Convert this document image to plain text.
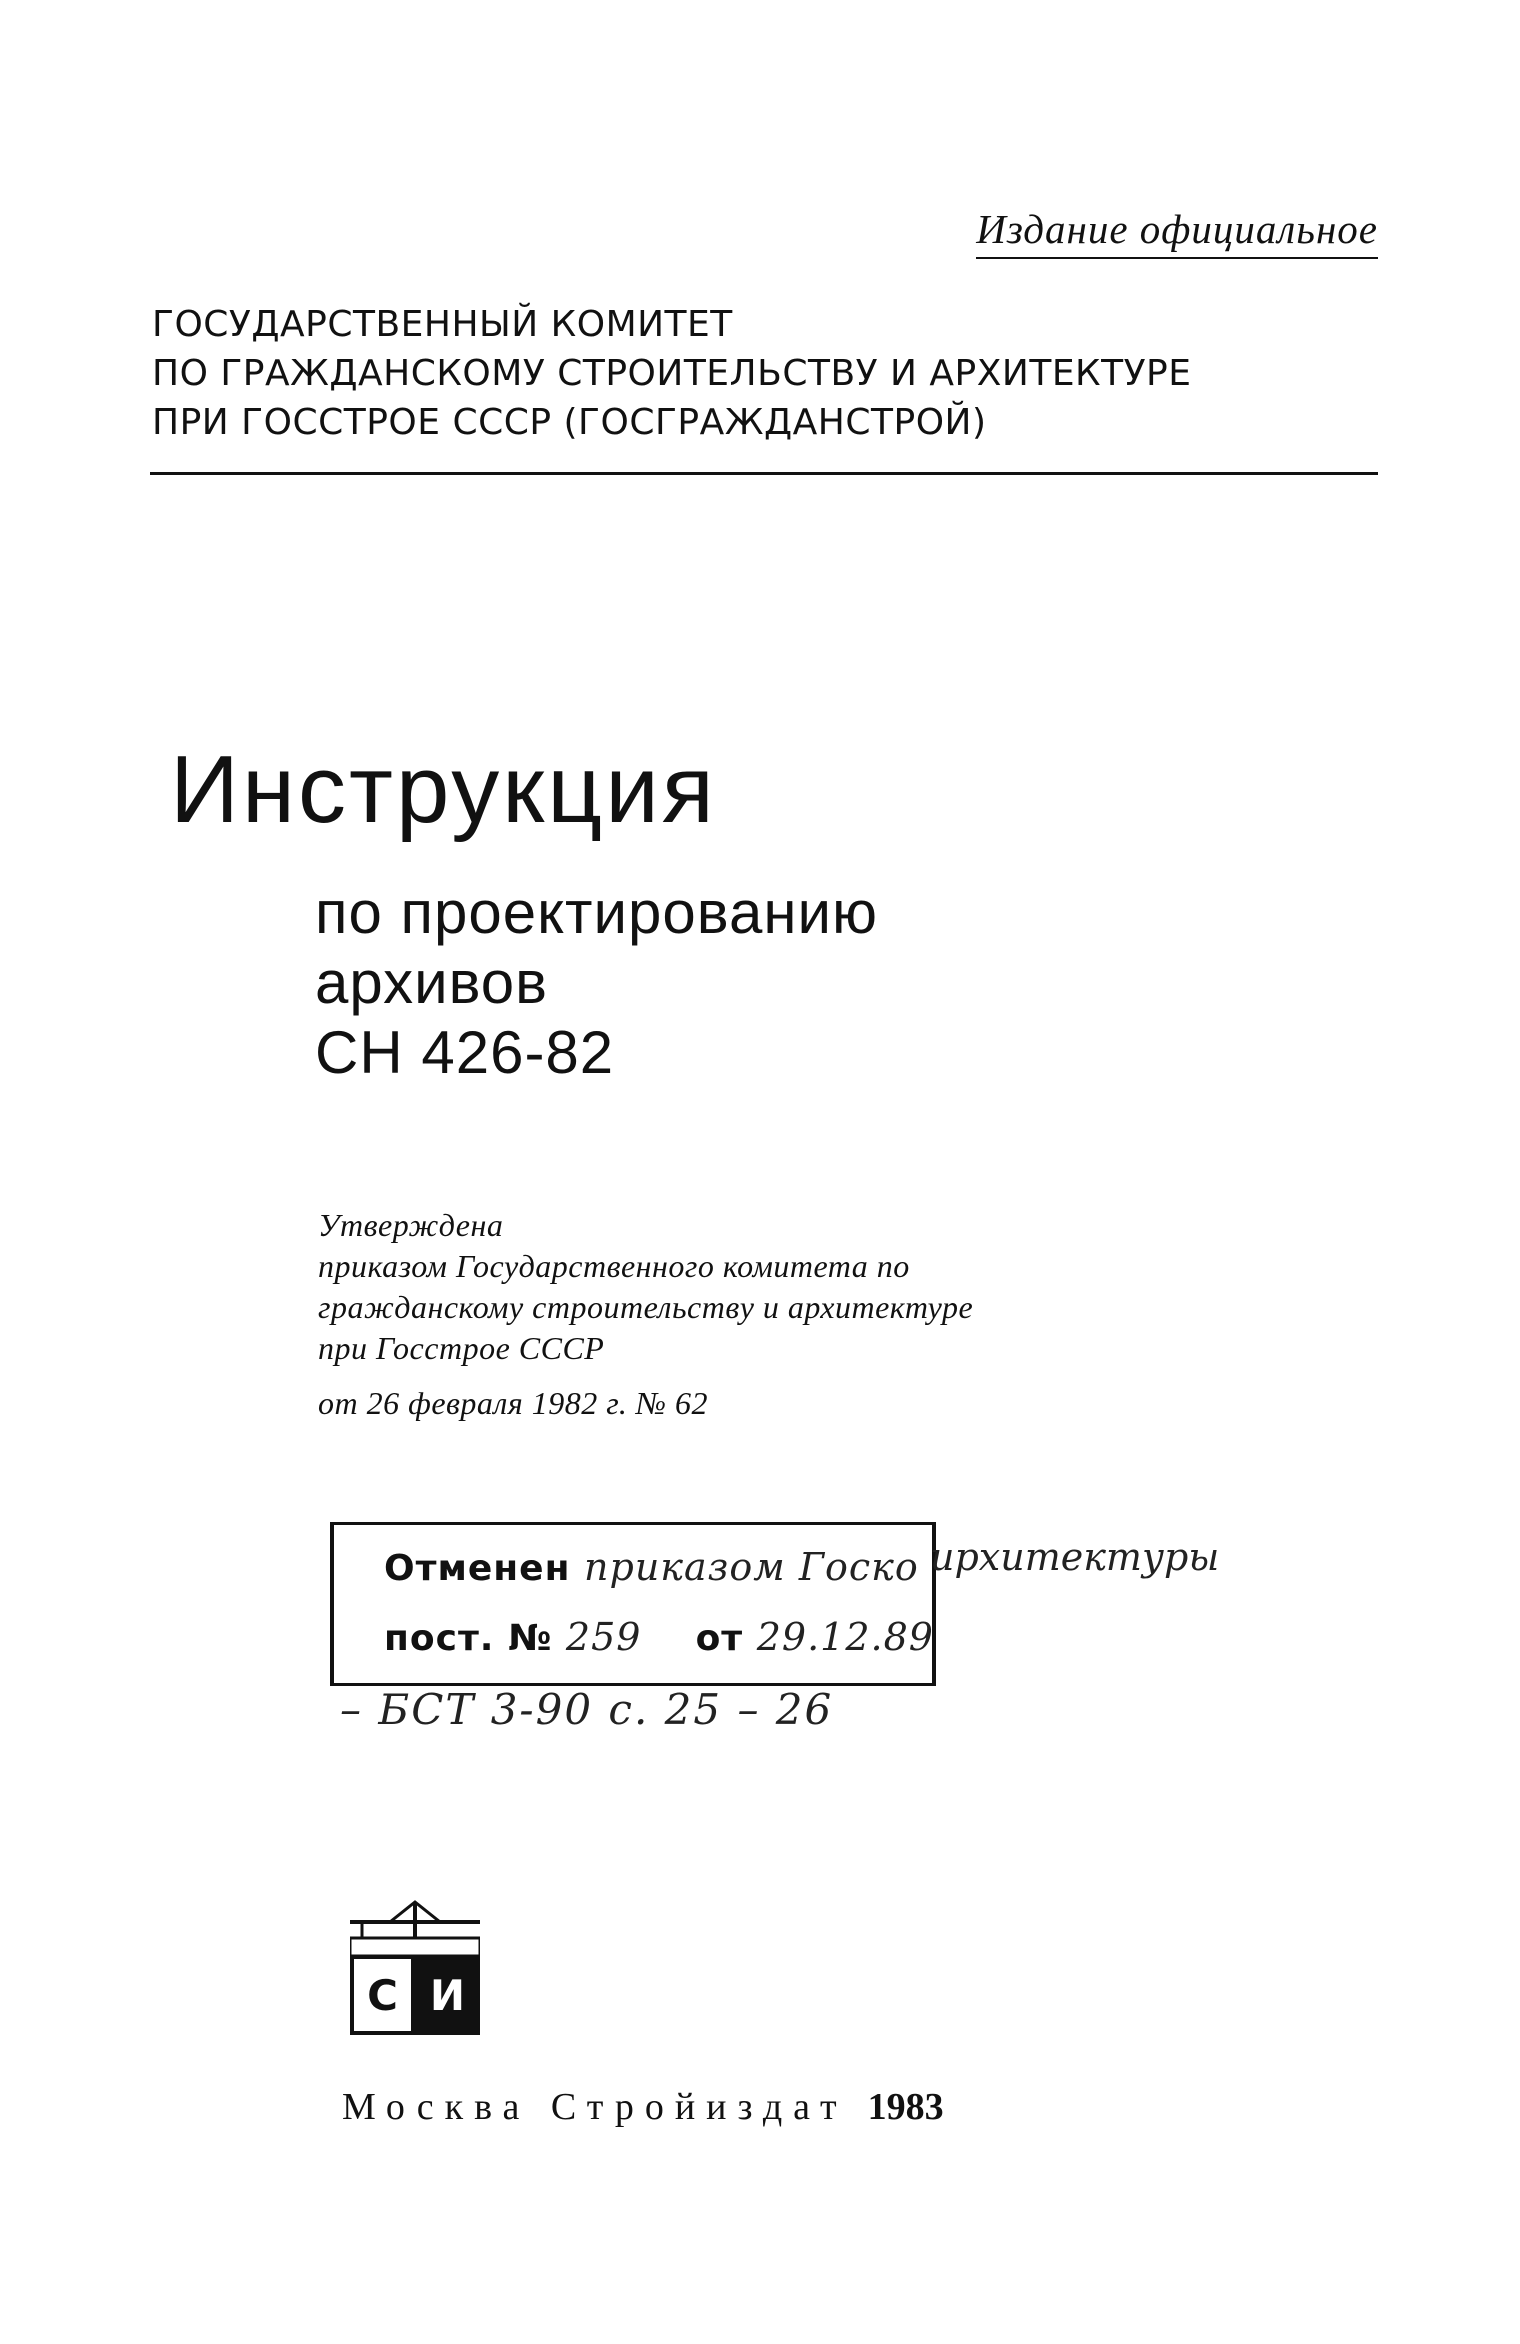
Издание официальное
ГОСУДАРСТВЕННЫЙ КОМИТЕТ
ПО ГРАЖДАНСКОМУ СТРОИТЕЛЬСТВУ И АРХИТЕКТУРЕ
ПРИ ГОССТРОЕ СССР (ГОСГРАЖДАНСТРОЙ)
Инструкция
по проектированию
архивов
СН 426-82
Утверждена
приказом Государственного комитета по
гражданскому строительству и архитектуре
при Госстрое СССР
от 26 февраля 1982 г. № 62
Отменен приказом Госко
пост. № 259 от 29.12.89
ирхитектуры
– БСТ 3-90 с. 25 – 26
С И
Москва Стройиздат 1983
